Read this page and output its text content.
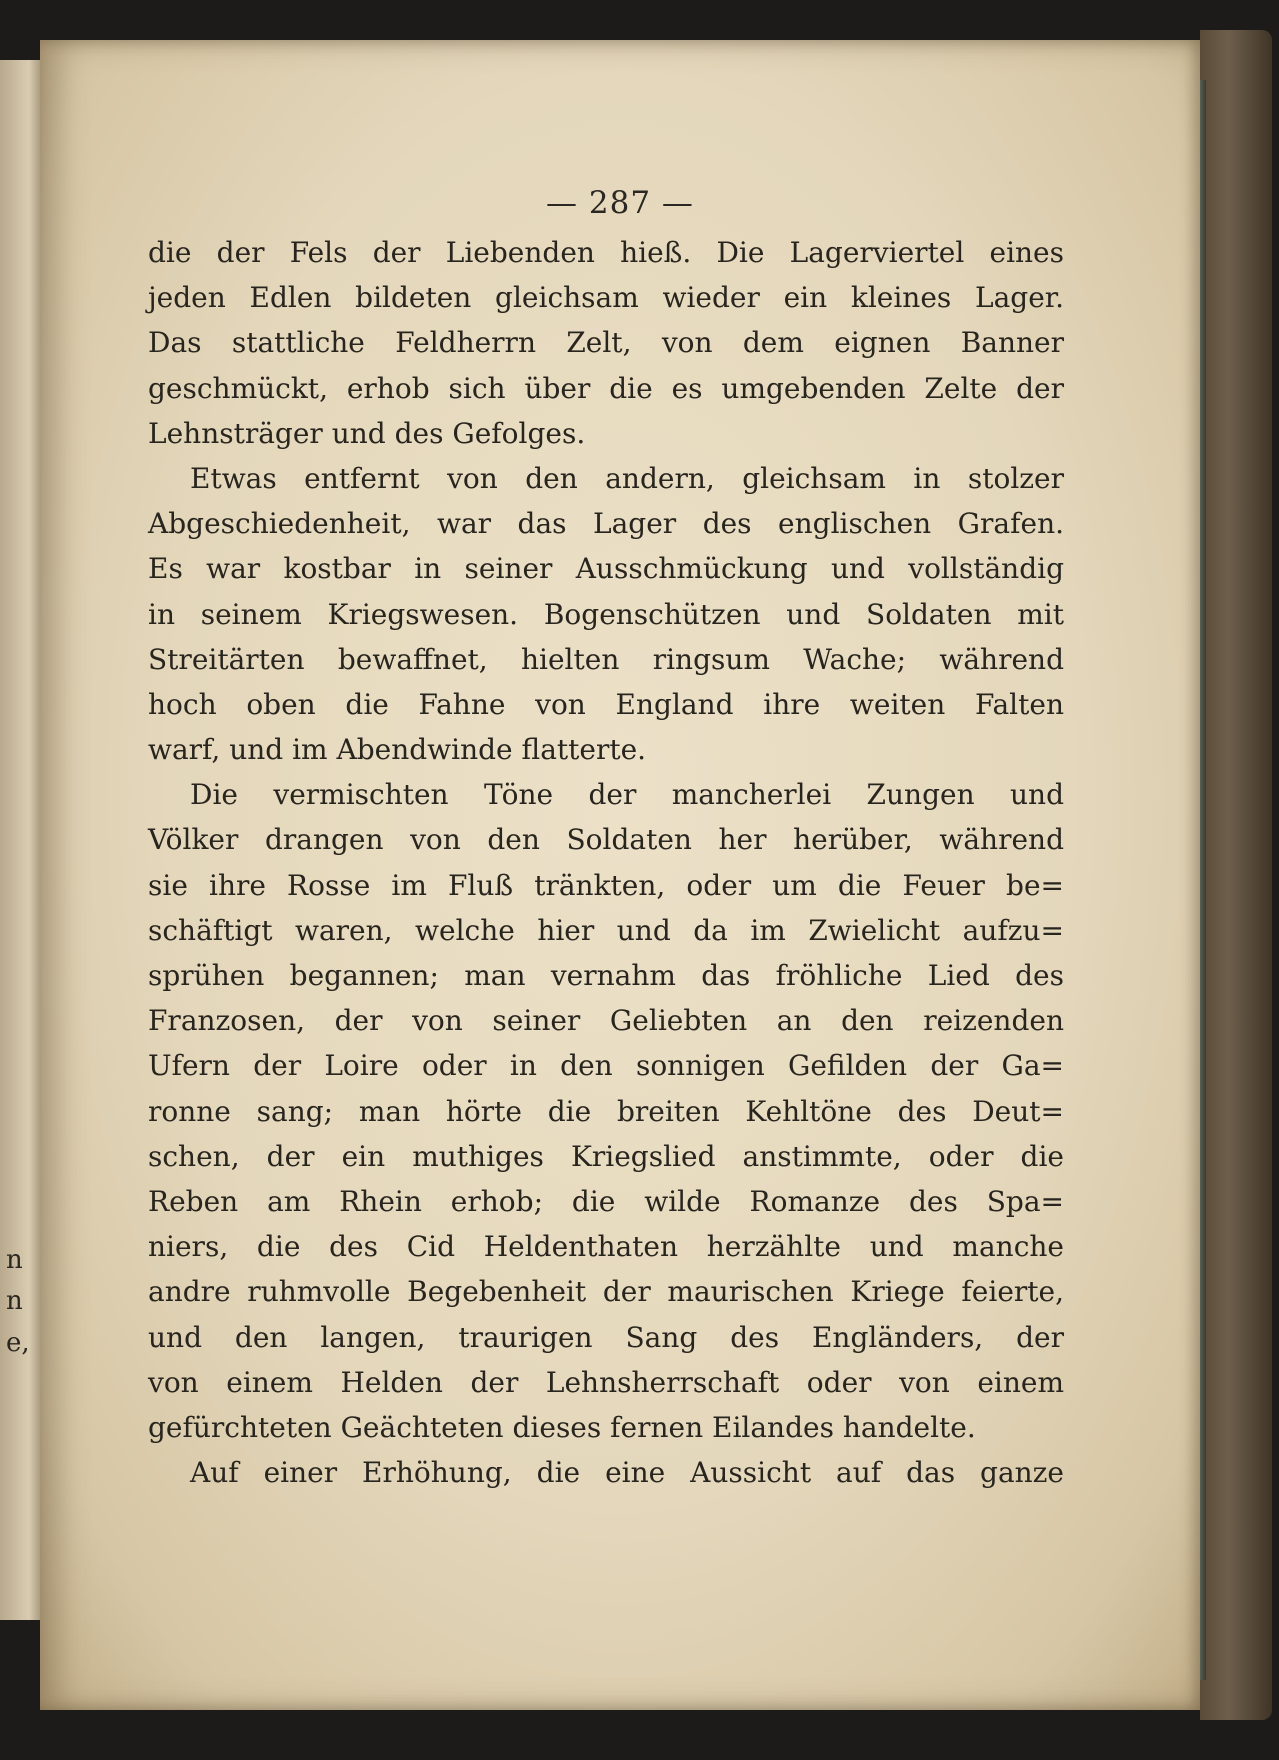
n
n
e,
— 287 —
die der Fels der Liebenden hieß. Die Lagerviertel eines
jeden Edlen bildeten gleichsam wieder ein kleines Lager.
Das stattliche Feldherrn Zelt, von dem eignen Banner
geschmückt, erhob sich über die es umgebenden Zelte der
Lehnsträger und des Gefolges.
Etwas entfernt von den andern, gleichsam in stolzer
Abgeschiedenheit, war das Lager des englischen Grafen.
Es war kostbar in seiner Ausschmückung und vollständig
in seinem Kriegswesen. Bogenschützen und Soldaten mit
Streitärten bewaffnet, hielten ringsum Wache; während
hoch oben die Fahne von England ihre weiten Falten
warf, und im Abendwinde flatterte.
Die vermischten Töne der mancherlei Zungen und
Völker drangen von den Soldaten her herüber, während
sie ihre Rosse im Fluß tränkten, oder um die Feuer be=
schäftigt waren, welche hier und da im Zwielicht aufzu=
sprühen begannen; man vernahm das fröhliche Lied des
Franzosen, der von seiner Geliebten an den reizenden
Ufern der Loire oder in den sonnigen Gefilden der Ga=
ronne sang; man hörte die breiten Kehltöne des Deut=
schen, der ein muthiges Kriegslied anstimmte, oder die
Reben am Rhein erhob; die wilde Romanze des Spa=
niers, die des Cid Heldenthaten herzählte und manche
andre ruhmvolle Begebenheit der maurischen Kriege feierte,
und den langen, traurigen Sang des Engländers, der
von einem Helden der Lehnsherrschaft oder von einem
gefürchteten Geächteten dieses fernen Eilandes handelte.
Auf einer Erhöhung, die eine Aussicht auf das ganze
